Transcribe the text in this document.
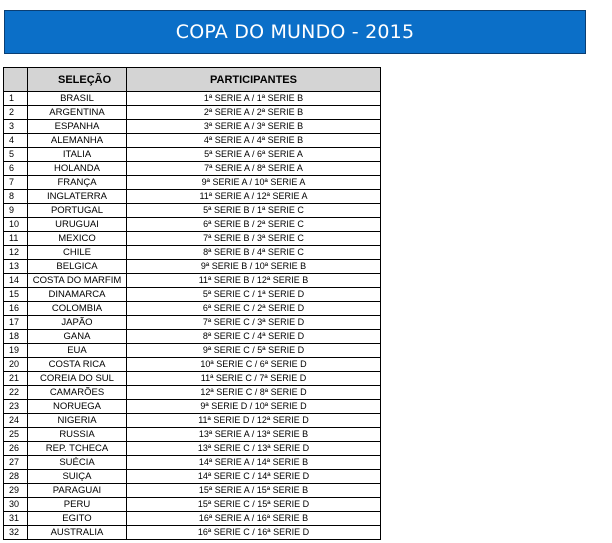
COPA DO MUNDO - 2015
	SELEÇÃO	PARTICIPANTES
1	BRASIL	1ª SERIE A / 1ª SERIE B
2	ARGENTINA	2ª SERIE A / 2ª SERIE B
3	ESPANHA	3ª SERIE A / 3ª SERIE B
4	ALEMANHA	4ª SERIE A / 4ª SERIE B
5	ITALIA	5ª SERIE A / 6ª SERIE A
6	HOLANDA	7ª SERIE A / 8ª SERIE A
7	FRANÇA	9ª SERIE A / 10ª SERIE A
8	INGLATERRA	11ª SERIE A / 12ª SERIE A
9	PORTUGAL	5ª SERIE B / 1ª SERIE C
10	URUGUAI	6ª SERIE B / 2ª SERIE C
11	MEXICO	7ª SERIE B / 3ª SERIE C
12	CHILE	8ª SERIE B / 4ª SERIE C
13	BELGICA	9ª SERIE B / 10ª SERIE B
14	COSTA DO MARFIM	11ª SERIE B / 12ª SERIE B
15	DINAMARCA	5ª SERIE C / 1ª SERIE D
16	COLOMBIA	6ª SERIE C / 2ª SERIE D
17	JAPÃO	7ª SERIE C / 3ª SERIE D
18	GANA	8ª SERIE C / 4ª SERIE D
19	EUA	9ª SERIE C / 5ª SERIE D
20	COSTA RICA	10ª SERIE C / 6ª SERIE D
21	COREIA DO SUL	11ª SERIE C / 7ª SERIE D
22	CAMARÕES	12ª SERIE C / 8ª SERIE D
23	NORUEGA	9ª SERIE D / 10ª SERIE D
24	NIGERIA	11ª SERIE D / 12ª SERIE D
25	RUSSIA	13ª SERIE A / 13ª SERIE B
26	REP. TCHECA	13ª SERIE C / 13ª SERIE D
27	SUÉCIA	14ª SERIE A / 14ª SERIE B
28	SUIÇA	14ª SERIE C / 14ª SERIE D
29	PARAGUAI	15ª SERIE A / 15ª SERIE B
30	PERU	15ª SERIE C / 15ª SERIE D
31	EGITO	16ª SERIE A / 16ª SERIE B
32	AUSTRALIA	16ª SERIE C / 16ª SERIE D
